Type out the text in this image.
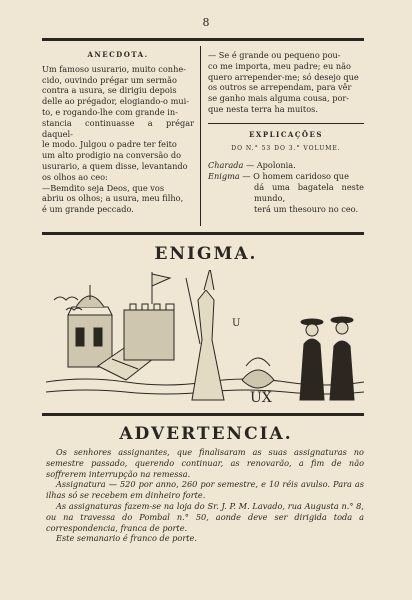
8
ANECDOTA.

Um famoso usurario, muito conhe-

cido, ouvindo prégar um sermão

contra a usura, se dirigiu depois

delle ao prégador, elogiando-o mui-

to, e rogando-lhe com grande in-

stancia continuasse a prégar daquel-

le modo. Julgou o padre ter feito

um alto prodigio na conversão do

usurario, a quem disse, levantando

os olhos ao ceo:

—Bemdito seja Deos, que vos

abriu os olhos; a usura, meu filho,

é um grande peccado.

— Se é grande ou pequeno pou-

co me importa, meu padre; eu não

quero arrepender-me; só desejo que

os outros se arrependam, para vêr

se ganho mais alguma cousa, por-

que nesta terra ha muitos.

EXPLICAÇÕES
DO N.° 53 DO 3.° VOLUME.

Charada — Apolonia.

Enigma — O homem caridoso que

dá uma bagatela neste mundo,

terá um thesouro no ceo.

ENIGMA.
U
UX
ADVERTENCIA.

Os senhores assignantes, que finalisaram as suas assignaturas no semestre passado, querendo continuar, as renovarão, a fim de não soffrerem interrupção na remessa.

Assignatura — 520 por anno, 260 por semestre, e 10 réis avulso. Para as ilhas só se recebem em dinheiro forte.

As assignaturas fazem-se na loja do Sr. J. P. M. Lavado, rua Augusta n.° 8, ou na travessa do Pombal n.° 50, aonde deve ser dirigida toda a correspondencia, franca de porte.

Este semanario é franco de porte.
